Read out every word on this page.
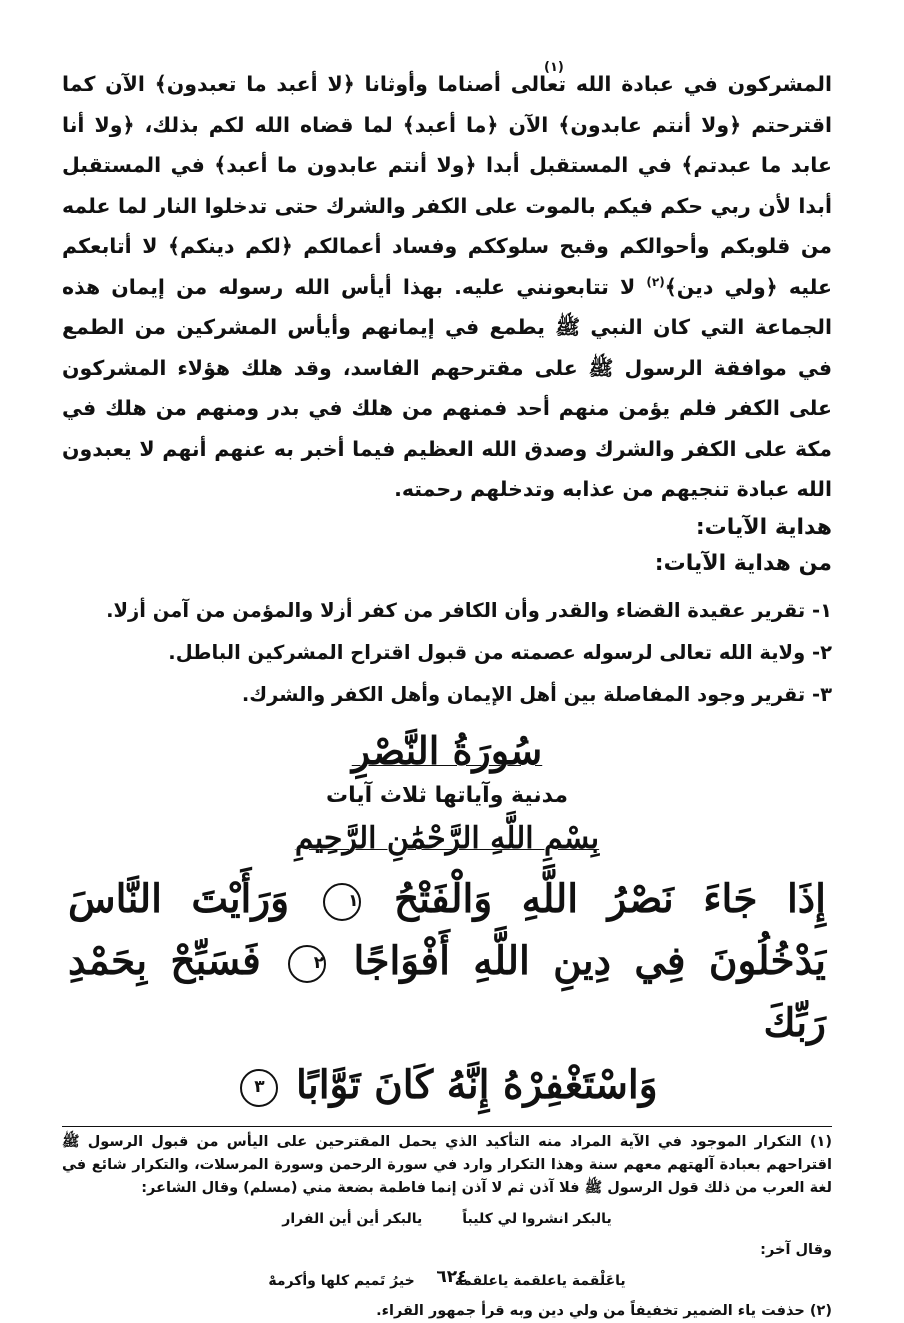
(١)

المشركون في عبادة الله تعالى أصناما وأوثانا ﴿لا أعبد ما تعبدون﴾ الآن كما اقترحتم ﴿ولا أنتم عابدون﴾ الآن ﴿ما أعبد﴾ لما قضاه الله لكم بذلك، ﴿ولا أنا عابد ما عبدتم﴾ في المستقبل أبدا ﴿ولا أنتم عابدون ما أعبد﴾ في المستقبل أبدا لأن ربي حكم فيكم بالموت على الكفر والشرك حتى تدخلوا النار لما علمه من قلوبكم وأحوالكم وقبح سلوككم وفساد أعمالكم ﴿لكم دينكم﴾ لا أتابعكم عليه ﴿ولي دين﴾$^{(٢)}$ لا تتابعونني عليه. بهذا أيأس الله رسوله من إيمان هذه الجماعة التي كان النبي ﷺ يطمع في إيمانهم وأيأس المشركين من الطمع في موافقة الرسول ﷺ على مقترحهم الفاسد، وقد هلك هؤلاء المشركون على الكفر فلم يؤمن منهم أحد فمنهم من هلك في بدر ومنهم من هلك في مكة على الكفر والشرك وصدق الله العظيم فيما أخبر به عنهم أنهم لا يعبدون الله عبادة تنجيهم من عذابه وتدخلهم رحمته.

هداية الآيات:
من هداية الآيات:
١- تقرير عقيدة القضاء والقدر وأن الكافر من كفر أزلا والمؤمن من آمن أزلا.
٢- ولاية الله تعالى لرسوله عصمته من قبول اقتراح المشركين الباطل.
٣- تقرير وجود المفاصلة بين أهل الإيمان وأهل الكفر والشرك.
سُورَةُ النَّصْرِ
مدنية وآياتها ثلاث آيات
بِسْمِ اللَّهِ الرَّحْمَٰنِ الرَّحِيمِ
إِذَا جَاءَ نَصْرُ اللَّهِ وَالْفَتْحُ ١ وَرَأَيْتَ النَّاسَ
يَدْخُلُونَ فِي دِينِ اللَّهِ أَفْوَاجًا ٢ فَسَبِّحْ بِحَمْدِ رَبِّكَ
وَاسْتَغْفِرْهُ إِنَّهُ كَانَ تَوَّابًا ٣

(١) التكرار الموجود في الآية المراد منه التأكيد الذي يحمل المقترحين على اليأس من قبول الرسول ﷺ اقتراحهم بعبادة آلهتهم معهم سنة وهذا التكرار وارد في سورة الرحمن وسورة المرسلات، والتكرار شائع في لغة العرب من ذلك قول الرسول ﷺ فلا آذن ثم لا آذن إنما فاطمة بضعة مني (مسلم) وقال الشاعر:

يالبكر انشروا لي كليباً
يالبكر أين أين الفرار
وقال آخر:
ياعَلْقمة ياعلقمة ياعلقمة
خيرُ تَميم كلها وأكرمهْ

(٢) حذفت ياء الضمير تخفيفاً من ولي دين وبه قرأ جمهور القراء.

٦٢٤
